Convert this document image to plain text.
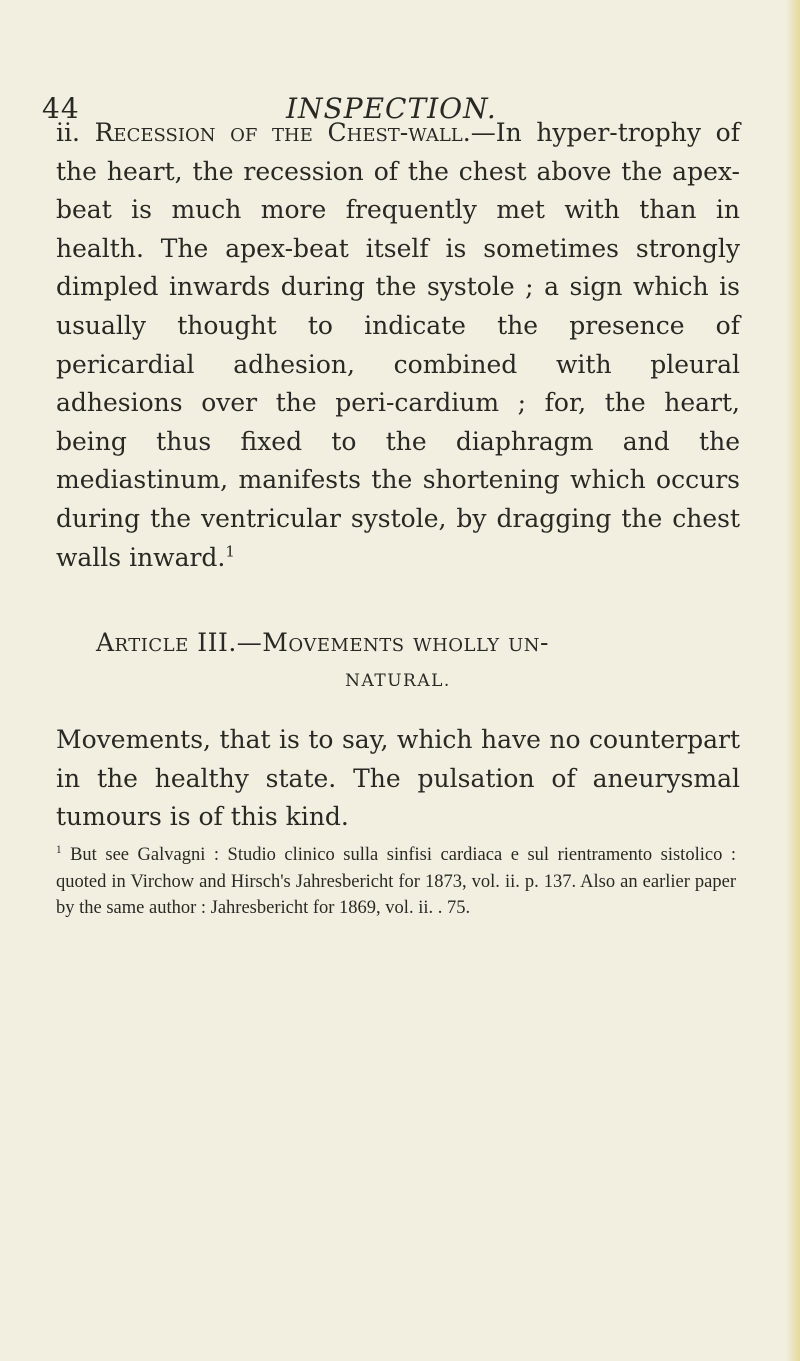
44	INSPECTION.

ii. Recession of the Chest-wall.—In hyper-trophy of the heart, the recession of the chest above the apex-beat is much more frequently met with than in health. The apex-beat itself is sometimes strongly dimpled inwards during the systole ; a sign which is usually thought to indicate the presence of pericardial adhesion, combined with pleural adhesions over the peri-cardium ; for, the heart, being thus fixed to the diaphragm and the mediastinum, manifests the shortening which occurs during the ventricular systole, by dragging the chest walls inward.$^1$

Article III.—Movements wholly un-
NATURAL.

Movements, that is to say, which have no counterpart in the healthy state. The pulsation of aneurysmal tumours is of this kind.

$^1$ But see Galvagni : Studio clinico sulla sinfisi cardiaca e sul rientramento sistolico : quoted in Virchow and Hirsch's Jahresbericht for 1873, vol. ii. p. 137. Also an earlier paper by the same author : Jahresbericht for 1869, vol. ii. . 75.
